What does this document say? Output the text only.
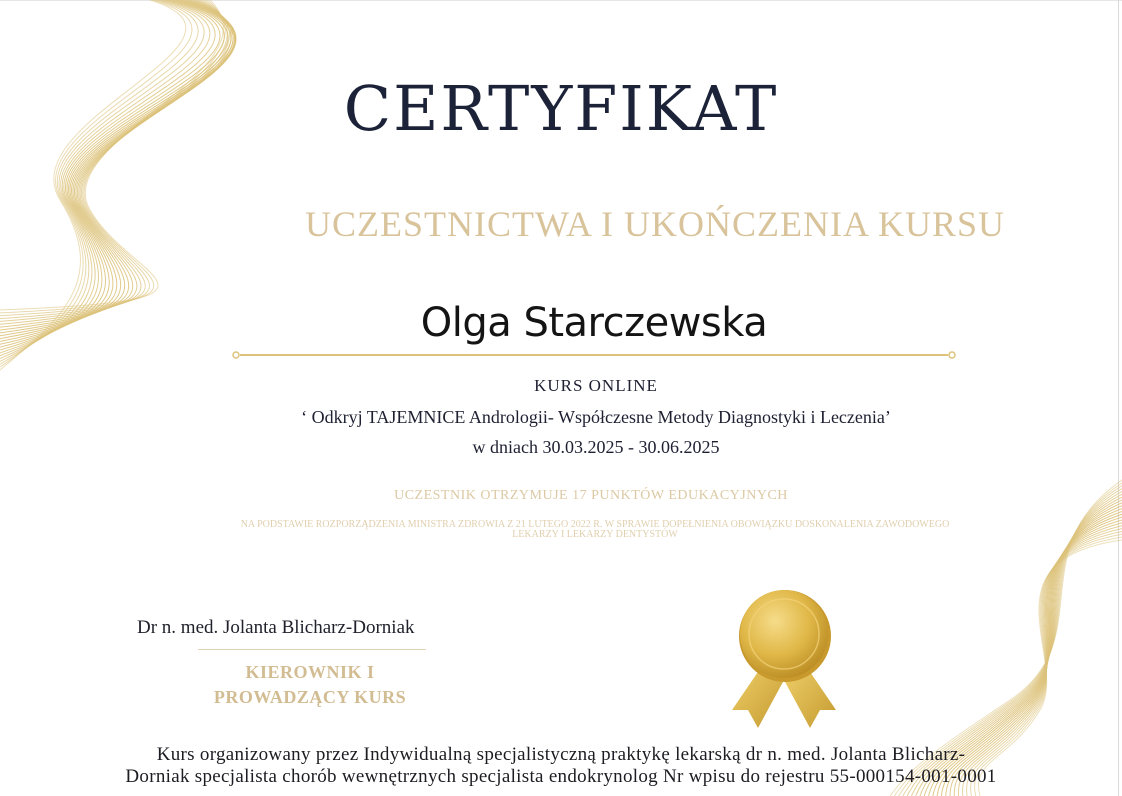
CERTYFIKAT
UCZESTNICTWA I UKOŃCZENIA KURSU
Olga Starczewska
KURS ONLINE
‘ Odkryj TAJEMNICE Andrologii- Współczesne Metody Diagnostyki i Leczenia’
w dniach 30.03.2025 - 30.06.2025
UCZESTNIK OTRZYMUJE 17 PUNKTÓW EDUKACYJNYCH
NA PODSTAWIE ROZPORZĄDZENIA MINISTRA ZDROWIA Z 21 LUTEGO 2022 R. W SPRAWIE DOPEŁNIENIA OBOWIĄZKU DOSKONALENIA ZAWODOWEGO
LEKARZY I LEKARZY DENTYSTÓW
Dr n. med. Jolanta Blicharz-Dorniak
KIEROWNIK I
PROWADZĄCY KURS
Kurs organizowany przez Indywidualną specjalistyczną praktykę lekarską dr n. med. Jolanta Blicharz-
Dorniak specjalista chorób wewnętrznych specjalista endokrynolog Nr wpisu do rejestru 55-000154-001-0001
